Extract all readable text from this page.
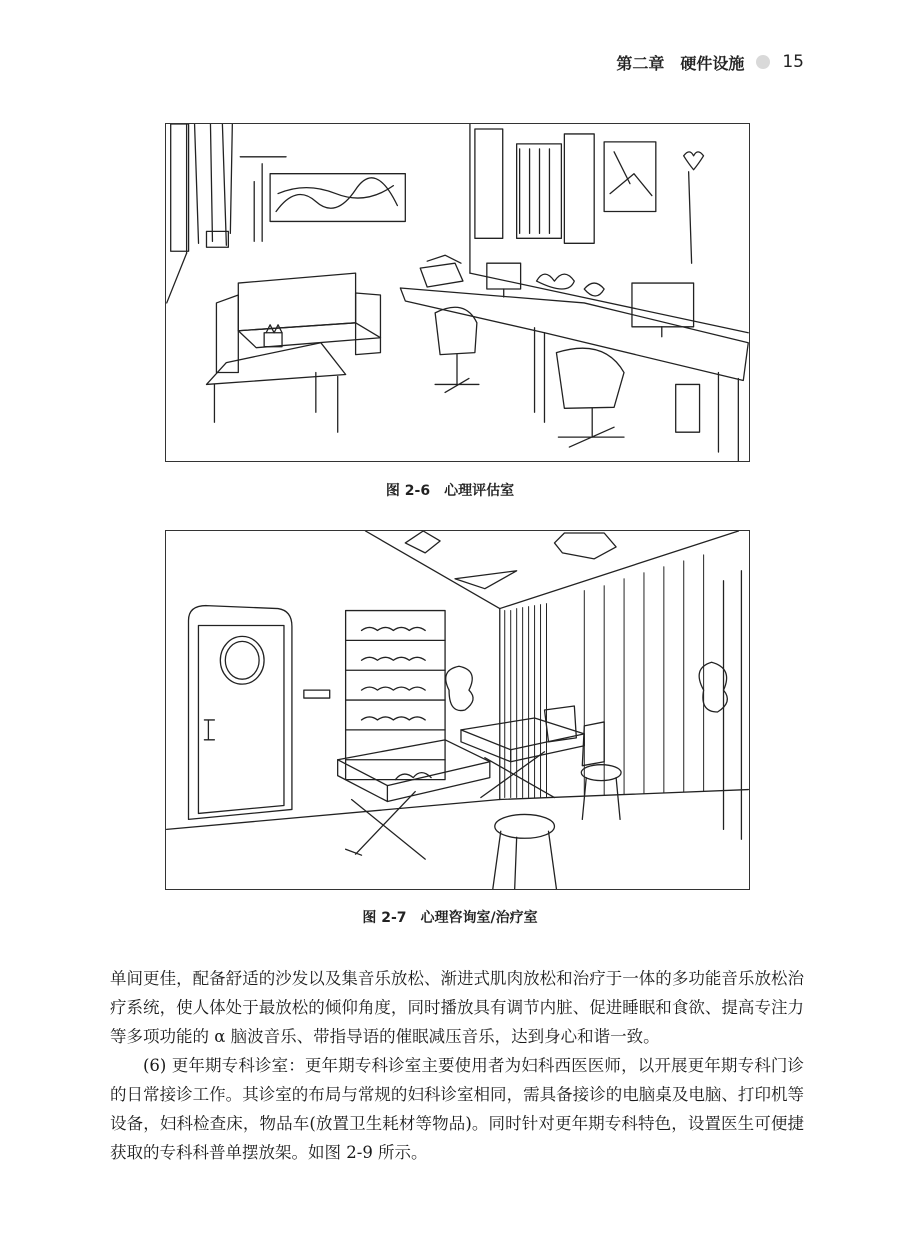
第二章　硬件设施 15
图 2-6 心理评估室
图 2-7 心理咨询室/治疗室

单间更佳，配备舒适的沙发以及集音乐放松、渐进式肌肉放松和治疗于一体的多功能音乐放松治疗系统，使人体处于最放松的倾仰角度，同时播放具有调节内脏、促进睡眠和食欲、提高专注力等多项功能的 α 脑波音乐、带指导语的催眠减压音乐，达到身心和谐一致。

(6) 更年期专科诊室：更年期专科诊室主要使用者为妇科西医医师，以开展更年期专科门诊的日常接诊工作。其诊室的布局与常规的妇科诊室相同，需具备接诊的电脑桌及电脑、打印机等设备，妇科检查床，物品车(放置卫生耗材等物品)。同时针对更年期专科特色，设置医生可便捷获取的专科科普单摆放架。如图 2-9 所示。
